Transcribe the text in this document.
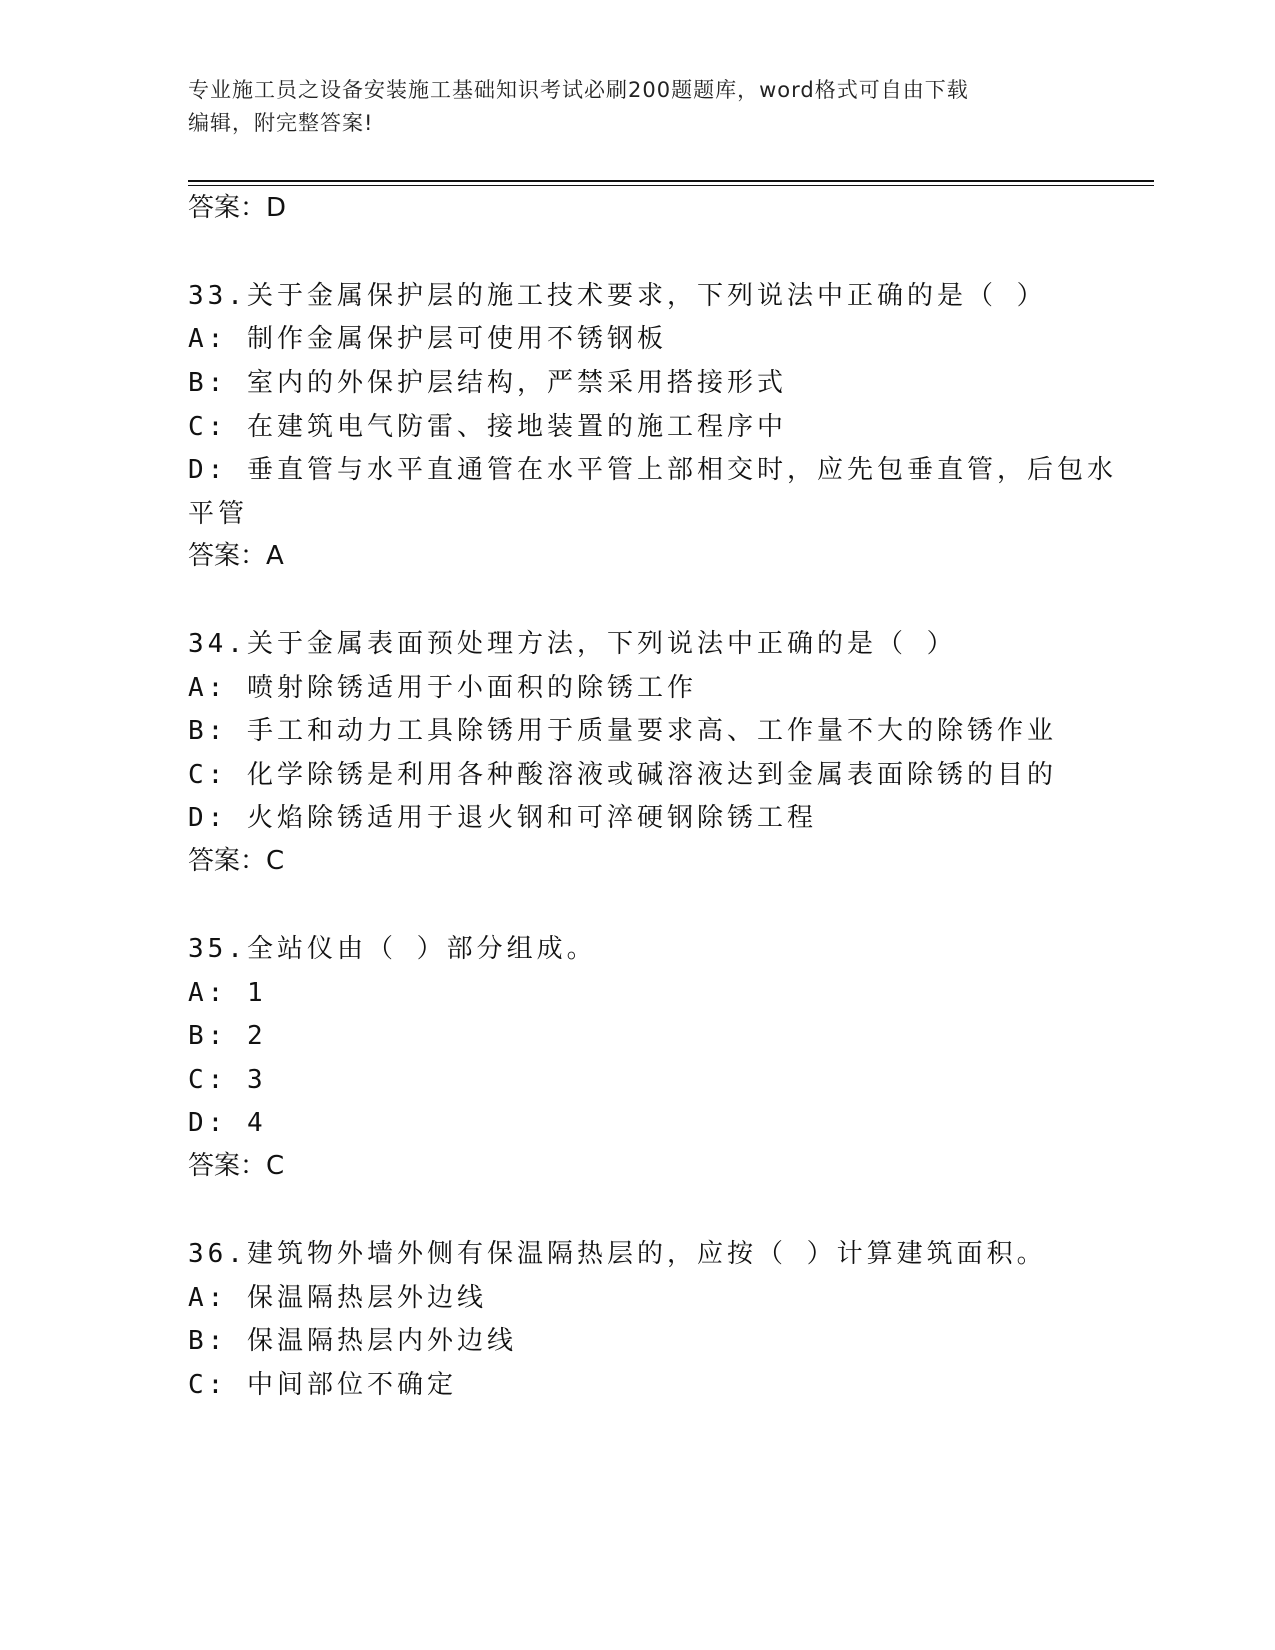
专业施工员之设备安装施工基础知识考试必刷200题题库，word格式可自由下载
编辑，附完整答案!
答案：D
33.关于金属保护层的施工技术要求，下列说法中正确的是（ ）
A: 制作金属保护层可使用不锈钢板
B: 室内的外保护层结构，严禁采用搭接形式
C: 在建筑电气防雷、接地装置的施工程序中
D: 垂直管与水平直通管在水平管上部相交时，应先包垂直管，后包水
平管
答案：A
34.关于金属表面预处理方法，下列说法中正确的是（ ）
A: 喷射除锈适用于小面积的除锈工作
B: 手工和动力工具除锈用于质量要求高、工作量不大的除锈作业
C: 化学除锈是利用各种酸溶液或碱溶液达到金属表面除锈的目的
D: 火焰除锈适用于退火钢和可淬硬钢除锈工程
答案：C
35.全站仪由（ ）部分组成。
A: 1
B: 2
C: 3
D: 4
答案：C
36.建筑物外墙外侧有保温隔热层的，应按（ ）计算建筑面积。
A: 保温隔热层外边线
B: 保温隔热层内外边线
C: 中间部位不确定
